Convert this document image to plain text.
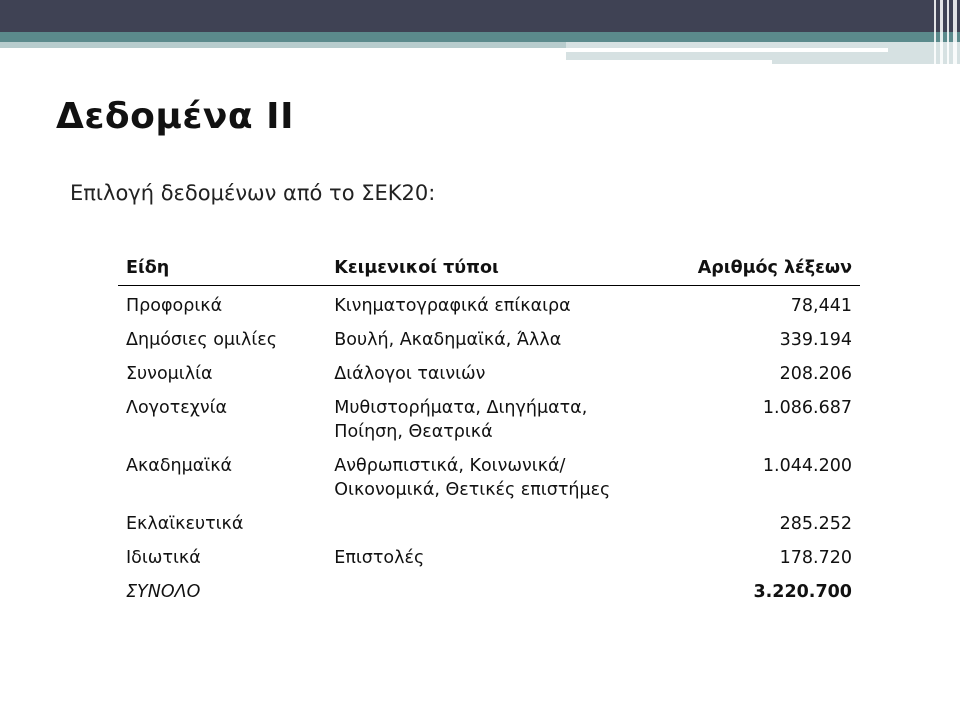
Δεδομένα ΙΙ
Επιλογή δεδομένων από το ΣΕΚ20:
Είδη	Κειμενικοί τύποι	Αριθμός λέξεων
Προφορικά	Κινηματογραφικά επίκαιρα	78,441
Δημόσιες ομιλίες	Βουλή, Ακαδημαϊκά, Άλλα	339.194
Συνομιλία	Διάλογοι ταινιών	208.206
Λογοτεχνία	Μυθιστορήματα, Διηγήματα, Ποίηση, Θεατρικά	1.086.687
Ακαδημαϊκά	Ανθρωπιστικά, Κοινωνικά/ Οικονομικά, Θετικές επιστήμες	1.044.200
Εκλαϊκευτικά		285.252
Ιδιωτικά	Επιστολές	178.720
ΣΥΝΟΛΟ		3.220.700
